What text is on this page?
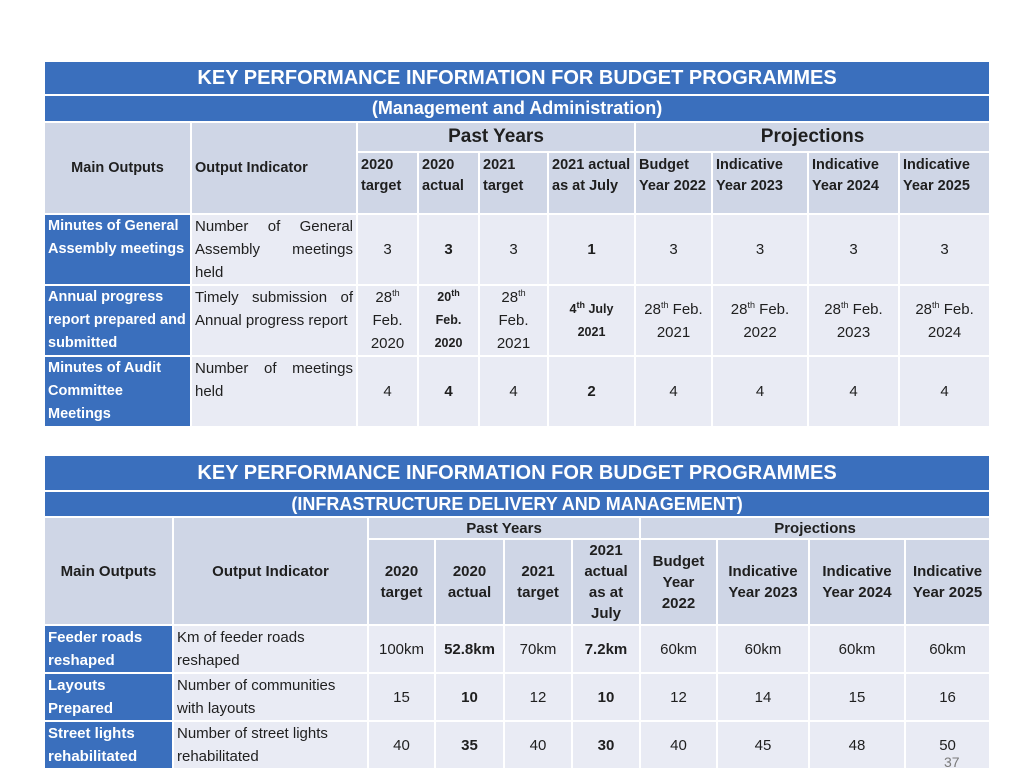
KEY PERFORMANCE INFORMATION FOR BUDGET PROGRAMMES									
(Management and Administration)									
Main Outputs	Output Indicator	Past Years				Projections			
		2020 target	2020 actual	2021 target	2021 actual as at July	Budget Year 2022	Indicative Year 2023	Indicative Year 2024	Indicative Year 2025
Minutes of General Assembly meetings	Number of General Assembly meetings held	3	3	3	1	3	3	3	3
Annual progress report prepared and submitted	Timely submission of Annual progress report	28th
Feb.
2020	20th
Feb.
2020	28th
Feb.
2021	4th July
2021	28th Feb.
2021	28th Feb.
2022	28th Feb.
2023	28th Feb.
2024
Minutes of Audit Committee Meetings	Number of meetings held	4	4	4	2	4	4	4	4
KEY PERFORMANCE INFORMATION FOR BUDGET PROGRAMMES									
(INFRASTRUCTURE DELIVERY AND MANAGEMENT)									
Main Outputs	Output Indicator	Past Years				Projections			
		2020 target	2020 actual	2021 target	2021 actual as at July	Budget Year 2022	Indicative Year 2023	Indicative Year 2024	Indicative Year 2025
Feeder roads reshaped	Km of feeder roads reshaped	100km	52.8km	70km	7.2km	60km	60km	60km	60km
Layouts Prepared	Number of communities with layouts	15	10	12	10	12	14	15	16
Street lights rehabilitated	Number of street lights rehabilitated	40	35	40	30	40	45	48	50
37
